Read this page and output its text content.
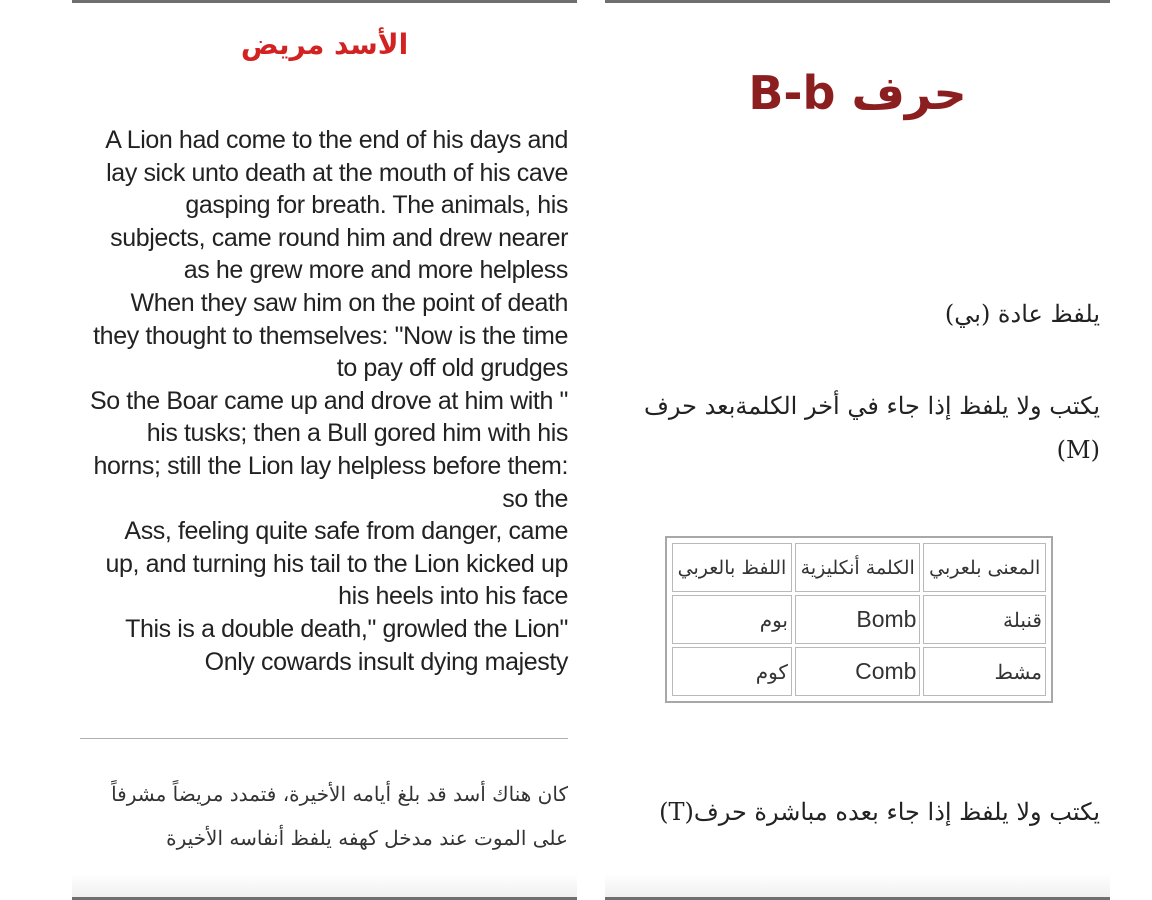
الأسد مريض

A Lion had come to the end of his days and

lay sick unto death at the mouth of his cave

gasping for breath. The animals, his

subjects, came round him and drew nearer

as he grew more and more helpless

When they saw him on the point of death

they thought to themselves: "Now is the time

to pay off old grudges

So the Boar came up and drove at him with "

his tusks; then a Bull gored him with his

horns; still the Lion lay helpless before them:

so the

Ass, feeling quite safe from danger, came

up, and turning his tail to the Lion kicked up

his heels into his face

This is a double death," growled the Lion"

Only cowards insult dying majesty

كان هناك أسد قد بلغ أيامه الأخيرة، فتمدد مريضاً مشرفاً

على الموت عند مدخل كهفه يلفظ أنفاسه الأخيرة

حرف B-b

يلفظ عادة (بي)

يكتب ولا يلفظ إذا جاء في أخر الكلمةبعد حرف (M)

المعنى بلعربي	الكلمة أنكليزية	اللفظ بالعربي
قنبلة	Bomb	بوم
مشط	Comb	كوم

يكتب ولا يلفظ إذا جاء بعده مباشرة حرف(T)
